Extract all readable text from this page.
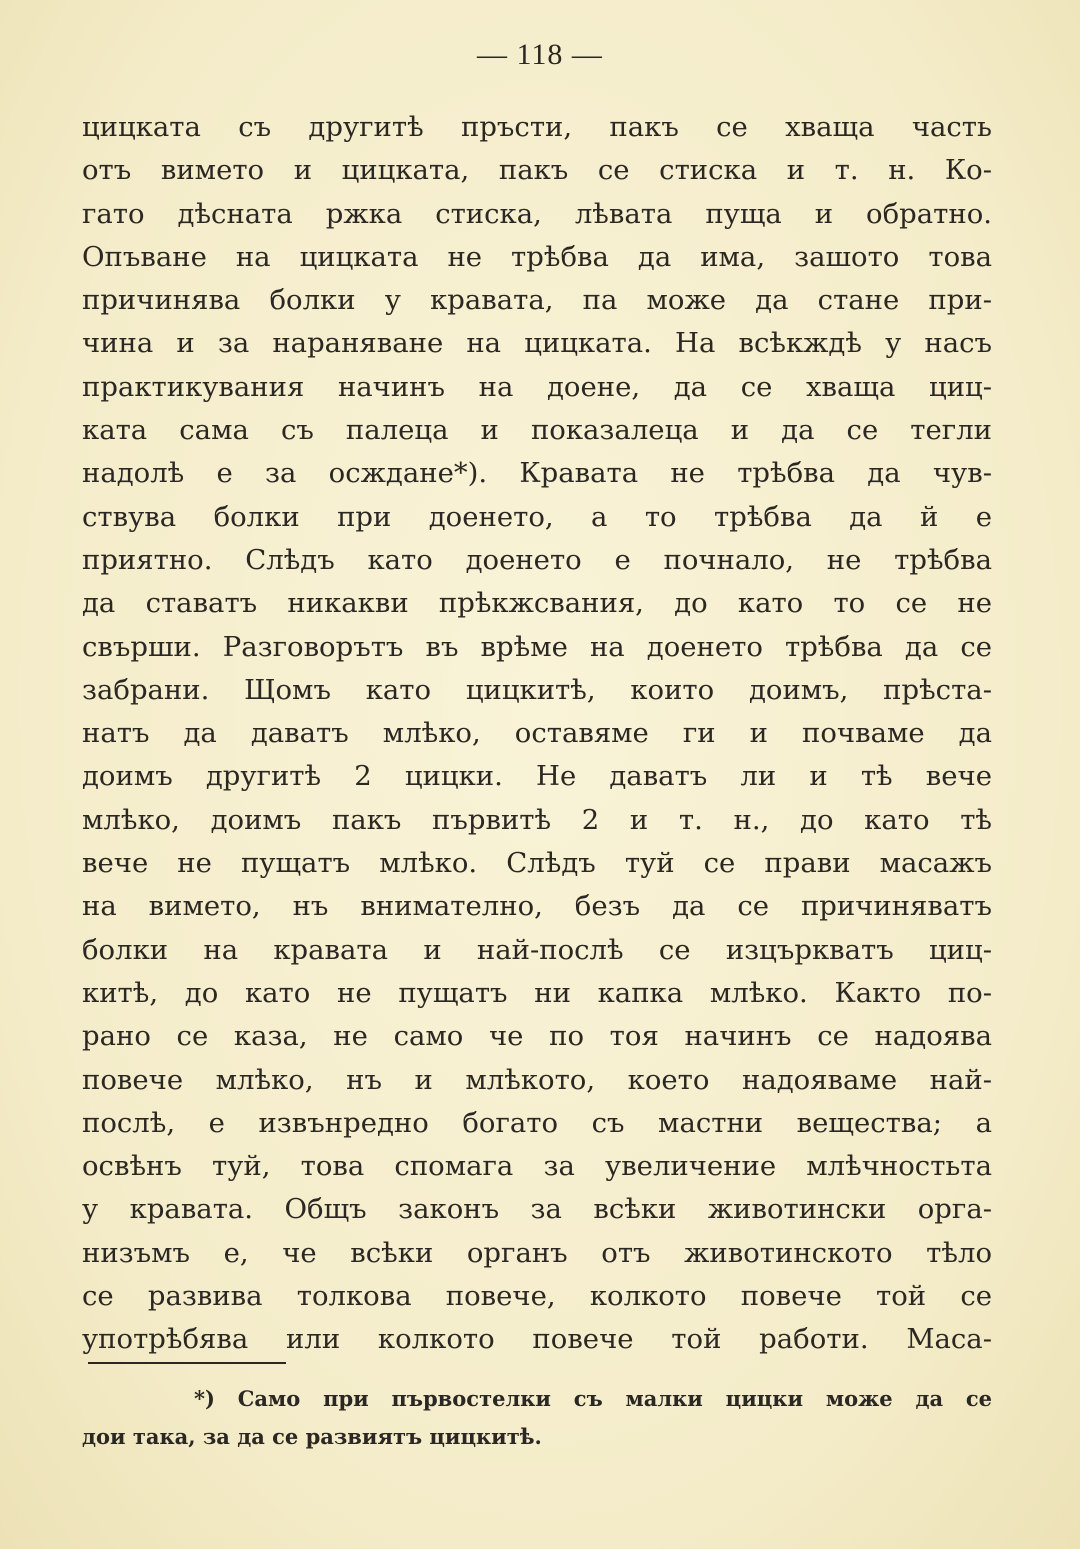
— 118 —
цицката съ другитѣ пръсти, пакъ се хваща часть
отъ вимето и цицката, пакъ се стиска и т. н. Ко-
гато дѣсната ржка стиска, лѣвата пуща и обратно.
Опъване на цицката не трѣбва да има, зашото това
причинява болки у кравата, па може да стане при-
чина и за нараняване на цицката. На всѣкждѣ у насъ
практикувания начинъ на доене, да се хваща циц-
ката сама съ палеца и показалеца и да се тегли
надолѣ е за осждане*). Кравата не трѣбва да чув-
ствува болки при доенето, а то трѣбва да й е
приятно. Слѣдъ като доенето е почнало, не трѣбва
да ставатъ никакви прѣкжсвания, до като то се не
свърши. Разговорътъ въ врѣме на доенето трѣбва да се
забрани. Щомъ като цицкитѣ, които доимъ, прѣста-
натъ да даватъ млѣко, оставяме ги и почваме да
доимъ другитѣ 2 цицки. Не даватъ ли и тѣ вече
млѣко, доимъ пакъ първитѣ 2 и т. н., до като тѣ
вече не пущатъ млѣко. Слѣдъ туй се прави масажъ
на вимето, нъ внимателно, безъ да се причиняватъ
болки на кравата и най-послѣ се изцъркватъ циц-
китѣ, до като не пущатъ ни капка млѣко. Както по-
рано се каза, не само че по тоя начинъ се надоява
повече млѣко, нъ и млѣкото, което надояваме най-
послѣ, е извънредно богато съ мастни вещества; а
освѣнъ туй, това спомага за увеличение млѣчностьта
у кравата. Общъ законъ за всѣки животински орга-
низъмъ е, че всѣки органъ отъ животинското тѣло
се развива толкова повече, колкото повече той се
употрѣбява или колкото повече той работи. Маса-
*) Само при първостелки съ малки цицки може да се
дои така, за да се развиятъ цицкитѣ.
